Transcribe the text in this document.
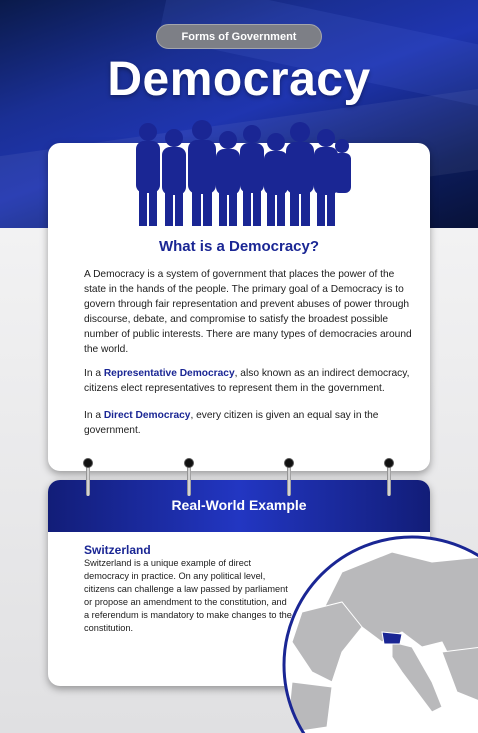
Forms of Government
Democracy
What is a Democracy?
A Democracy is a system of government that places the power of the state in the hands of the people. The primary goal of a Democracy is to govern through fair representation and prevent abuses of power through discourse, debate, and compromise to satisfy the broadest possible number of public interests. There are many types of democracies around the world.
In a Representative Democracy, also known as an indirect democracy, citizens elect representatives to represent them in the government.
In a Direct Democracy, every citizen is given an equal say in the government.
Real-World Example
Switzerland
Switzerland is a unique example of direct democracy in practice. On any political level, citizens can challenge a law passed by parliament or propose an amendment to the constitution, and a referendum is mandatory to make changes to the constitution.
